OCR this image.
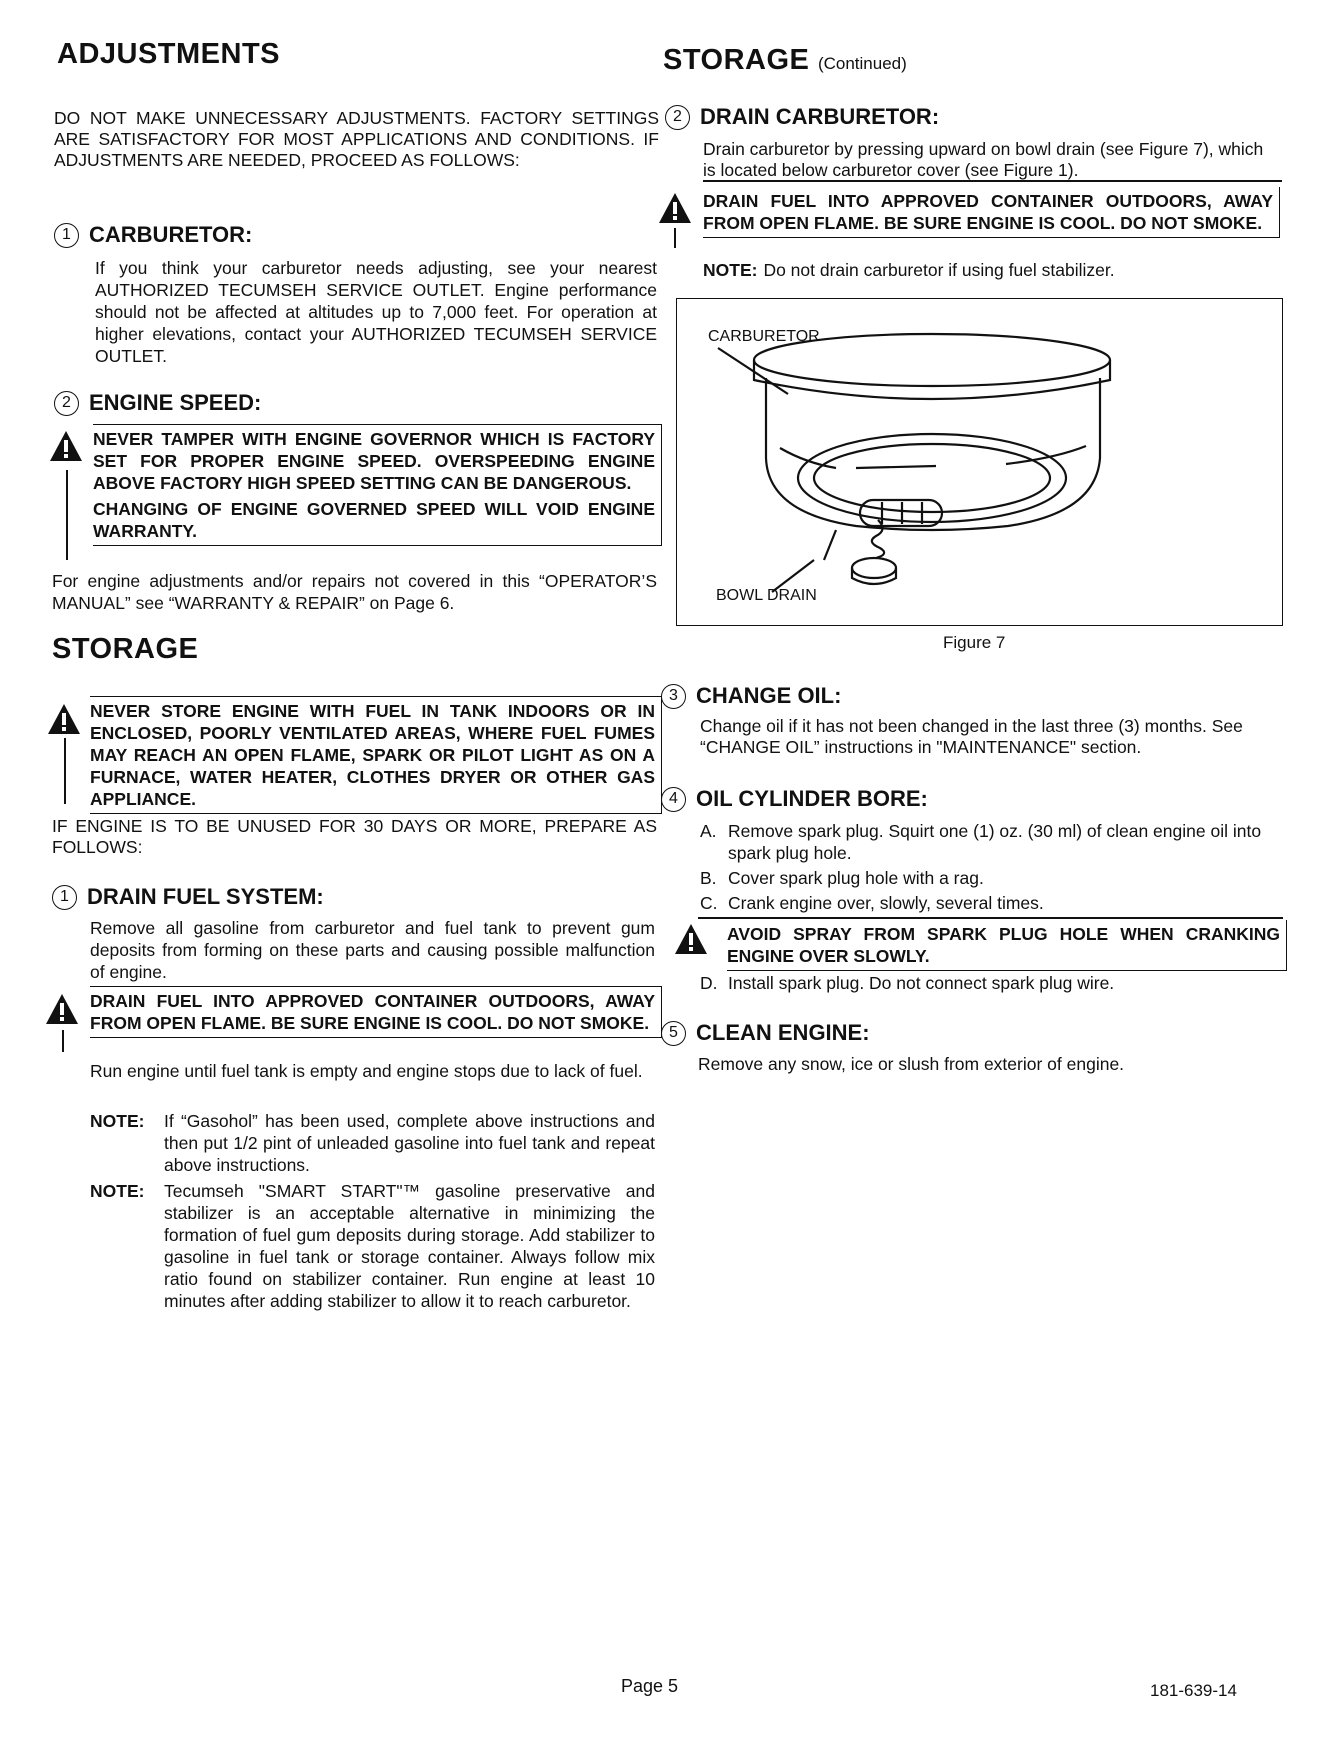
ADJUSTMENTS

DO NOT MAKE UNNECESSARY ADJUSTMENTS. FACTORY SETTINGS ARE SATISFACTORY FOR MOST APPLICATIONS AND CONDITIONS. IF ADJUSTMENTS ARE NEEDED, PROCEED AS FOLLOWS:

1 CARBURETOR:

If you think your carburetor needs adjusting, see your nearest AUTHORIZED TECUMSEH SERVICE OUTLET. Engine performance should not be affected at altitudes up to 7,000 feet. For operation at higher elevations, contact your AUTHORIZED TECUMSEH SERVICE OUTLET.

2 ENGINE SPEED:
NEVER TAMPER WITH ENGINE GOVERNOR WHICH IS FACTORY SET FOR PROPER ENGINE SPEED. OVERSPEEDING ENGINE ABOVE FACTORY HIGH SPEED SETTING CAN BE DANGEROUS.
CHANGING OF ENGINE GOVERNED SPEED WILL VOID ENGINE WARRANTY.

For engine adjustments and/or repairs not covered in this “OPERATOR’S MANUAL” see “WARRANTY & REPAIR” on Page 6.

STORAGE
NEVER STORE ENGINE WITH FUEL IN TANK INDOORS OR IN ENCLOSED, POORLY VENTILATED AREAS, WHERE FUEL FUMES MAY REACH AN OPEN FLAME, SPARK OR PILOT LIGHT AS ON A FURNACE, WATER HEATER, CLOTHES DRYER OR OTHER GAS APPLIANCE.

IF ENGINE IS TO BE UNUSED FOR 30 DAYS OR MORE, PREPARE AS FOLLOWS:

1 DRAIN FUEL SYSTEM:

Remove all gasoline from carburetor and fuel tank to prevent gum deposits from forming on these parts and causing possible malfunction of engine.

DRAIN FUEL INTO APPROVED CONTAINER OUTDOORS, AWAY FROM OPEN FLAME. BE SURE ENGINE IS COOL. DO NOT SMOKE.

Run engine until fuel tank is empty and engine stops due to lack of fuel.

NOTE:	If “Gasohol” has been used, complete above instructions and then put 1/2 pint of unleaded gasoline into fuel tank and repeat above instructions.
NOTE:	Tecumseh "SMART START"™ gasoline preservative and stabilizer is an acceptable alternative in minimizing the formation of fuel gum deposits during storage. Add stabilizer to gasoline in fuel tank or storage container. Always follow mix ratio found on stabilizer container. Run engine at least 10 minutes after adding stabilizer to allow it to reach carburetor.
STORAGE (Continued)
2 DRAIN CARBURETOR:

Drain carburetor by pressing upward on bowl drain (see Figure 7), which is located below carburetor cover (see Figure 1).

DRAIN FUEL INTO APPROVED CONTAINER OUTDOORS, AWAY FROM OPEN FLAME. BE SURE ENGINE IS COOL. DO NOT SMOKE.
NOTE: Do not drain carburetor if using fuel stabilizer.
CARBURETOR
BOWL DRAIN
Figure 7
3 CHANGE OIL:

Change oil if it has not been changed in the last three (3) months. See “CHANGE OIL” instructions in "MAINTENANCE" section.

4 OIL CYLINDER BORE:
A. Remove spark plug. Squirt one (1) oz. (30 ml) of clean engine oil into spark plug hole.
B. Cover spark plug hole with a rag.
C. Crank engine over, slowly, several times.
AVOID SPRAY FROM SPARK PLUG HOLE WHEN CRANKING ENGINE OVER SLOWLY.
D. Install spark plug. Do not connect spark plug wire.
5 CLEAN ENGINE:

Remove any snow, ice or slush from exterior of engine.

Page 5	181-639-14
